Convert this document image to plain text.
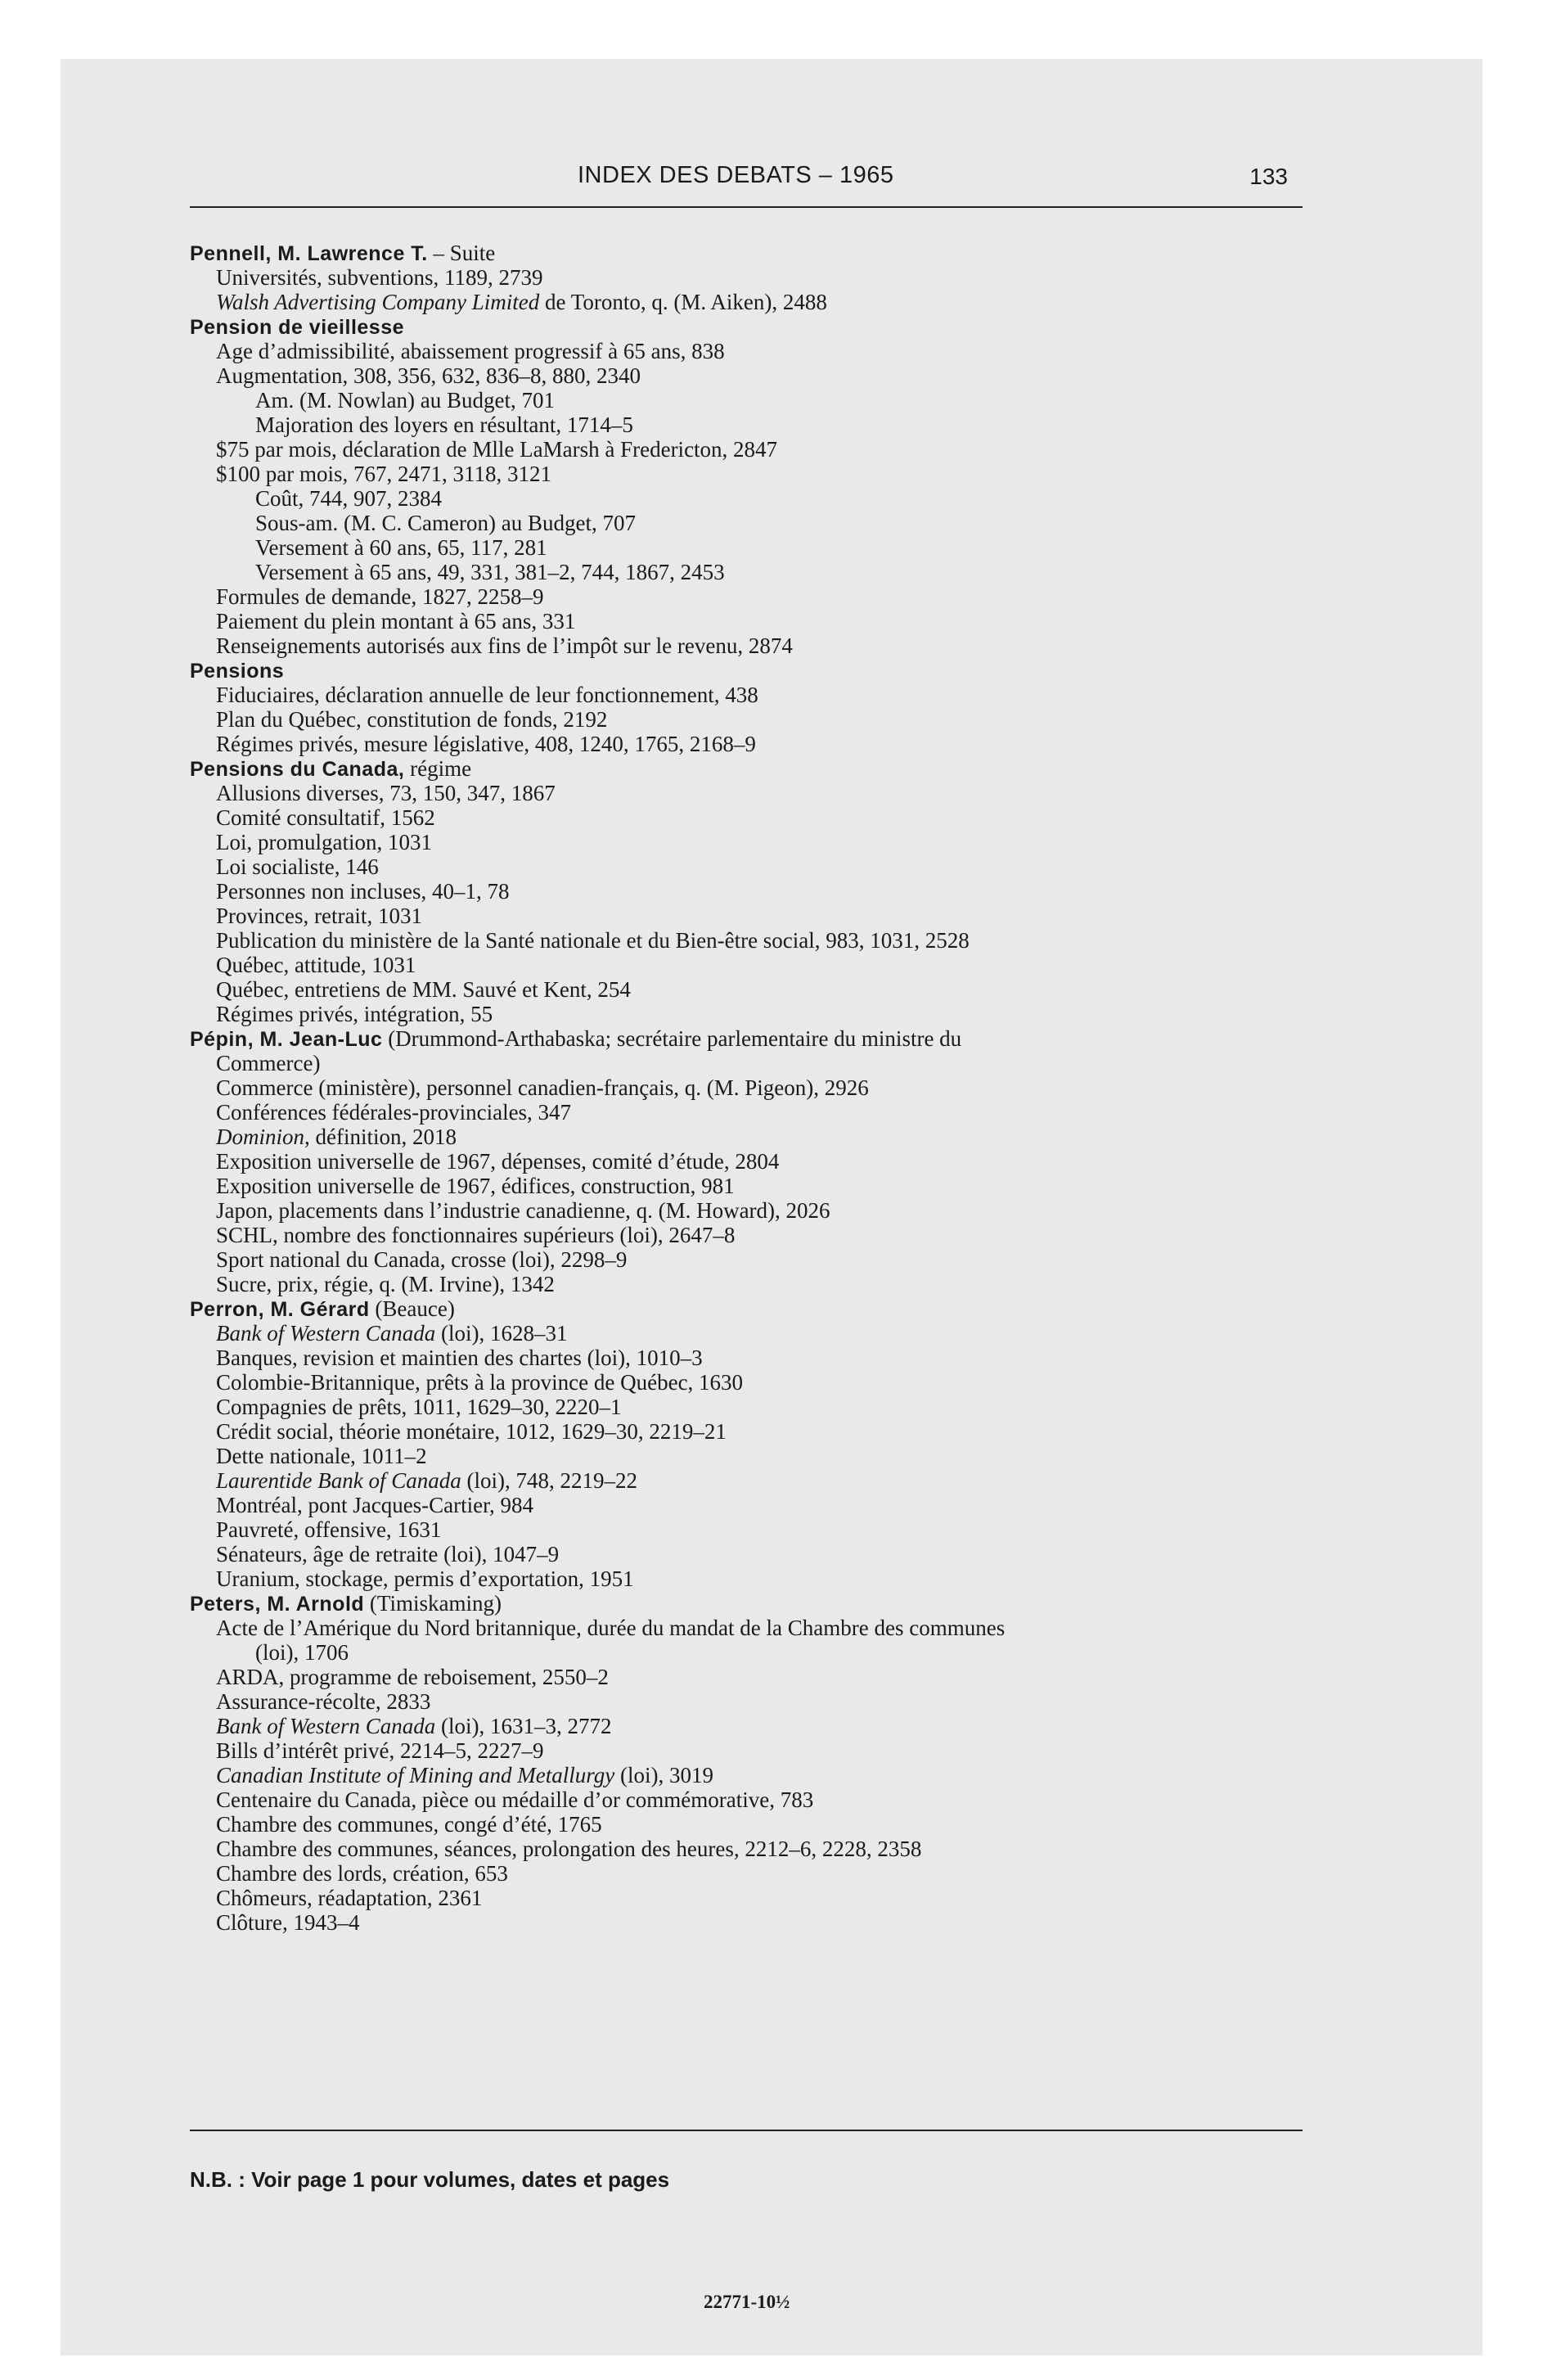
INDEX DES DEBATS – 1965	133
Pennell, M. Lawrence T. – Suite
Universités, subventions, 1189, 2739
Walsh Advertising Company Limited de Toronto, q. (M. Aiken), 2488
Pension de vieillesse
Age d’admissibilité, abaissement progressif à 65 ans, 838
Augmentation, 308, 356, 632, 836–8, 880, 2340
Am. (M. Nowlan) au Budget, 701
Majoration des loyers en résultant, 1714–5
$75 par mois, déclaration de Mlle LaMarsh à Fredericton, 2847
$100 par mois, 767, 2471, 3118, 3121
Coût, 744, 907, 2384
Sous-am. (M. C. Cameron) au Budget, 707
Versement à 60 ans, 65, 117, 281
Versement à 65 ans, 49, 331, 381–2, 744, 1867, 2453
Formules de demande, 1827, 2258–9
Paiement du plein montant à 65 ans, 331
Renseignements autorisés aux fins de l’impôt sur le revenu, 2874
Pensions
Fiduciaires, déclaration annuelle de leur fonctionnement, 438
Plan du Québec, constitution de fonds, 2192
Régimes privés, mesure législative, 408, 1240, 1765, 2168–9
Pensions du Canada, régime
Allusions diverses, 73, 150, 347, 1867
Comité consultatif, 1562
Loi, promulgation, 1031
Loi socialiste, 146
Personnes non incluses, 40–1, 78
Provinces, retrait, 1031
Publication du ministère de la Santé nationale et du Bien-être social, 983, 1031, 2528
Québec, attitude, 1031
Québec, entretiens de MM. Sauvé et Kent, 254
Régimes privés, intégration, 55
Pépin, M. Jean-Luc (Drummond-Arthabaska; secrétaire parlementaire du ministre du
Commerce)
Commerce (ministère), personnel canadien-français, q. (M. Pigeon), 2926
Conférences fédérales-provinciales, 347
Dominion, définition, 2018
Exposition universelle de 1967, dépenses, comité d’étude, 2804
Exposition universelle de 1967, édifices, construction, 981
Japon, placements dans l’industrie canadienne, q. (M. Howard), 2026
SCHL, nombre des fonctionnaires supérieurs (loi), 2647–8
Sport national du Canada, crosse (loi), 2298–9
Sucre, prix, régie, q. (M. Irvine), 1342
Perron, M. Gérard (Beauce)
Bank of Western Canada (loi), 1628–31
Banques, revision et maintien des chartes (loi), 1010–3
Colombie-Britannique, prêts à la province de Québec, 1630
Compagnies de prêts, 1011, 1629–30, 2220–1
Crédit social, théorie monétaire, 1012, 1629–30, 2219–21
Dette nationale, 1011–2
Laurentide Bank of Canada (loi), 748, 2219–22
Montréal, pont Jacques-Cartier, 984
Pauvreté, offensive, 1631
Sénateurs, âge de retraite (loi), 1047–9
Uranium, stockage, permis d’exportation, 1951
Peters, M. Arnold (Timiskaming)
Acte de l’Amérique du Nord britannique, durée du mandat de la Chambre des communes
(loi), 1706
ARDA, programme de reboisement, 2550–2
Assurance-récolte, 2833
Bank of Western Canada (loi), 1631–3, 2772
Bills d’intérêt privé, 2214–5, 2227–9
Canadian Institute of Mining and Metallurgy (loi), 3019
Centenaire du Canada, pièce ou médaille d’or commémorative, 783
Chambre des communes, congé d’été, 1765
Chambre des communes, séances, prolongation des heures, 2212–6, 2228, 2358
Chambre des lords, création, 653
Chômeurs, réadaptation, 2361
Clôture, 1943–4
N.B. : Voir page 1 pour volumes, dates et pages
22771-10½
